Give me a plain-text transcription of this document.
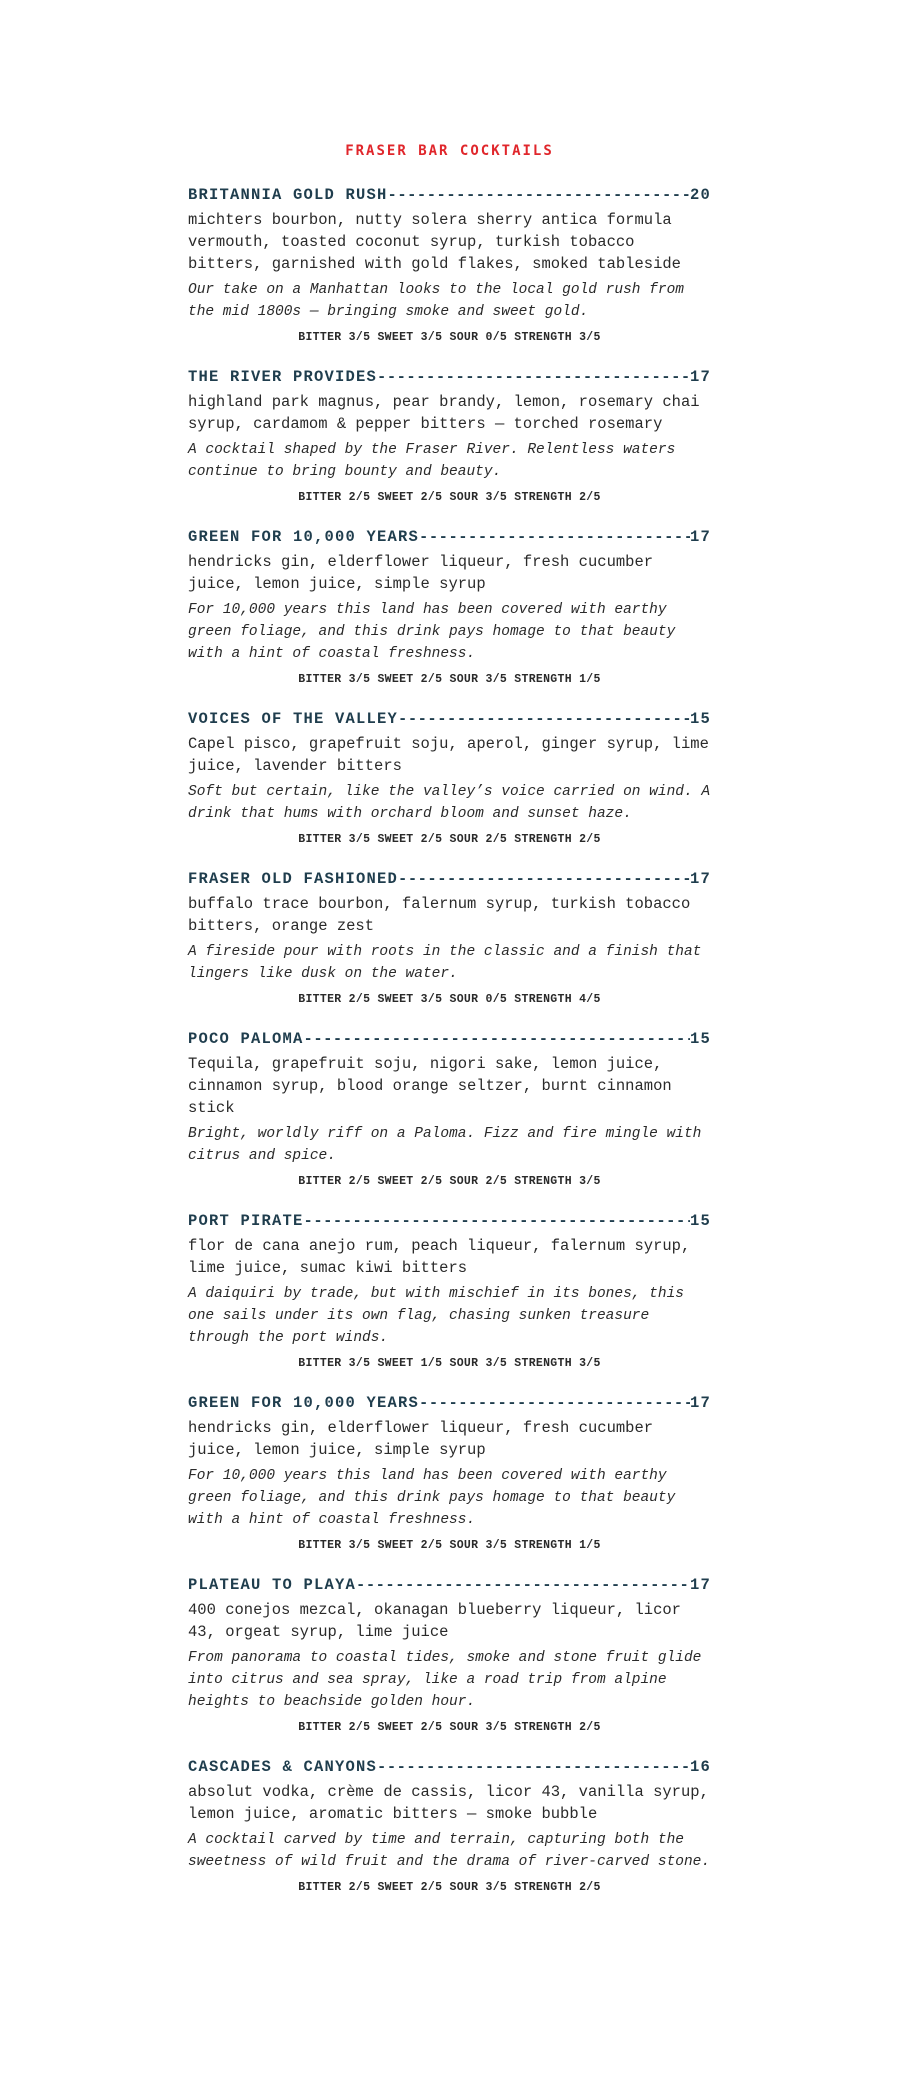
FRASER BAR COCKTAILS
BRITANNIA GOLD RUSH -----	20
michters bourbon, nutty solera sherry antica formula vermouth, toasted coconut syrup, turkish tobacco bitters, garnished with gold flakes, smoked tableside
Our take on a Manhattan looks to the local gold rush from the mid 1800s — bringing smoke and sweet gold.
BITTER 3/5 SWEET 3/5 SOUR 0/5 STRENGTH 3/5
THE RIVER PROVIDES -----	17
highland park magnus, pear brandy, lemon, rosemary chai syrup, cardamom & pepper bitters — torched rosemary
A cocktail shaped by the Fraser River. Relentless waters continue to bring bounty and beauty.
BITTER 2/5 SWEET 2/5 SOUR 3/5 STRENGTH 2/5
GREEN FOR 10,000 YEARS -----	17
hendricks gin, elderflower liqueur, fresh cucumber juice, lemon juice, simple syrup
For 10,000 years this land has been covered with earthy green foliage, and this drink pays homage to that beauty with a hint of coastal freshness.
BITTER 3/5 SWEET 2/5 SOUR 3/5 STRENGTH 1/5
VOICES OF THE VALLEY -----	15
Capel pisco, grapefruit soju, aperol, ginger syrup, lime juice, lavender bitters
Soft but certain, like the valley’s voice carried on wind. A drink that hums with orchard bloom and sunset haze.
BITTER 3/5 SWEET 2/5 SOUR 2/5 STRENGTH 2/5
FRASER OLD FASHIONED -----	17
buffalo trace bourbon, falernum syrup, turkish tobacco bitters, orange zest
A fireside pour with roots in the classic and a finish that lingers like dusk on the water.
BITTER 2/5 SWEET 3/5 SOUR 0/5 STRENGTH 4/5
POCO PALOMA -----	15
Tequila, grapefruit soju, nigori sake, lemon juice, cinnamon syrup, blood orange seltzer, burnt cinnamon stick
Bright, worldly riff on a Paloma. Fizz and fire mingle with citrus and spice.
BITTER 2/5 SWEET 2/5 SOUR 2/5 STRENGTH 3/5
PORT PIRATE -----	15
flor de cana anejo rum, peach liqueur, falernum syrup, lime juice, sumac kiwi bitters
A daiquiri by trade, but with mischief in its bones, this one sails under its own flag, chasing sunken treasure through the port winds.
BITTER 3/5 SWEET 1/5 SOUR 3/5 STRENGTH 3/5
GREEN FOR 10,000 YEARS -----	17
hendricks gin, elderflower liqueur, fresh cucumber juice, lemon juice, simple syrup
For 10,000 years this land has been covered with earthy green foliage, and this drink pays homage to that beauty with a hint of coastal freshness.
BITTER 3/5 SWEET 2/5 SOUR 3/5 STRENGTH 1/5
PLATEAU TO PLAYA -----	17
400 conejos mezcal, okanagan blueberry liqueur, licor 43, orgeat syrup, lime juice
From panorama to coastal tides, smoke and stone fruit glide into citrus and sea spray, like a road trip from alpine heights to beachside golden hour.
BITTER 2/5 SWEET 2/5 SOUR 3/5 STRENGTH 2/5
CASCADES & CANYONS -----	16
absolut vodka, crème de cassis, licor 43, vanilla syrup, lemon juice, aromatic bitters — smoke bubble
A cocktail carved by time and terrain, capturing both the sweetness of wild fruit and the drama of river-carved stone.
BITTER 2/5 SWEET 2/5 SOUR 3/5 STRENGTH 2/5
